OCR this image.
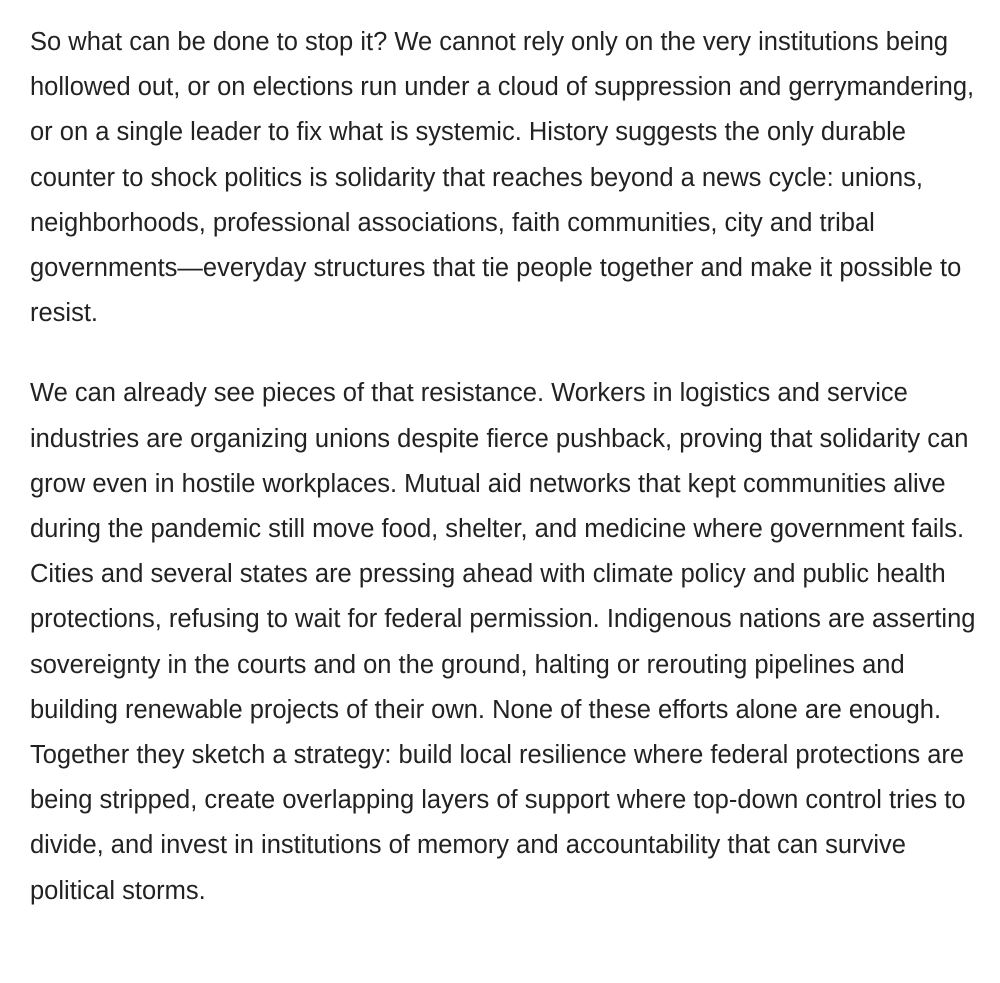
So what can be done to stop it? We cannot rely only on the very institutions being hollowed out, or on elections run under a cloud of suppression and gerrymandering, or on a single leader to fix what is systemic. History suggests the only durable counter to shock politics is solidarity that reaches beyond a news cycle: unions, neighborhoods, professional associations, faith communities, city and tribal governments—everyday structures that tie people together and make it possible to resist.

We can already see pieces of that resistance. Workers in logistics and service industries are organizing unions despite fierce pushback, proving that solidarity can grow even in hostile workplaces. Mutual aid networks that kept communities alive during the pandemic still move food, shelter, and medicine where government fails. Cities and several states are pressing ahead with climate policy and public health protections, refusing to wait for federal permission. Indigenous nations are asserting sovereignty in the courts and on the ground, halting or rerouting pipelines and building renewable projects of their own. None of these efforts alone are enough. Together they sketch a strategy: build local resilience where federal protections are being stripped, create overlapping layers of support where top-down control tries to divide, and invest in institutions of memory and accountability that can survive political storms.
